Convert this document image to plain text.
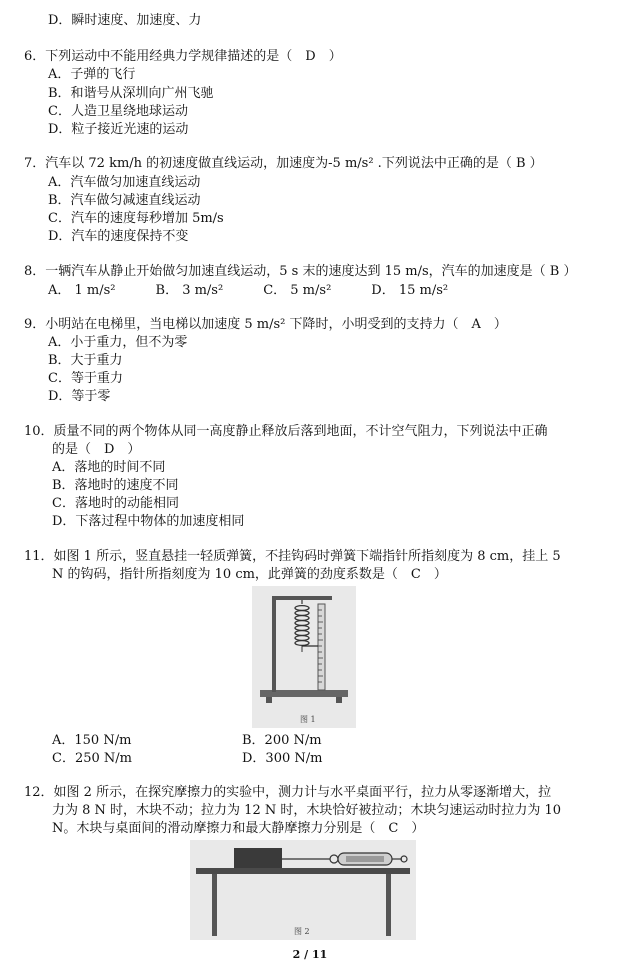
D．瞬时速度、加速度、力
6．下列运动中不能用经典力学规律描述的是（　D　）
A．子弹的飞行
B．和谐号从深圳向广州飞驰
C．人造卫星绕地球运动
D．粒子接近光速的运动
7．汽车以 72 km/h 的初速度做直线运动，加速度为-5 m/s² .下列说法中正确的是（ B ）
A．汽车做匀加速直线运动
B．汽车做匀减速直线运动
C．汽车的速度每秒增加 5m/s
D．汽车的速度保持不变
8．一辆汽车从静止开始做匀加速直线运动，5 s 末的速度达到 15 m/s，汽车的加速度是（ B ）
A． 1 m/s²	B． 3 m/s²	C． 5 m/s²	D． 15 m/s²
9．小明站在电梯里，当电梯以加速度 5 m/s² 下降时，小明受到的支持力（　A　）
A．小于重力，但不为零
B．大于重力
C．等于重力
D．等于零
10．质量不同的两个物体从同一高度静止释放后落到地面，不计空气阻力，下列说法中正确
的是（　D　）
A．落地的时间不同
B．落地时的速度不同
C．落地时的动能相同
D．下落过程中物体的加速度相同
11．如图 1 所示，竖直悬挂一轻质弹簧，不挂钩码时弹簧下端指针所指刻度为 8 cm，挂上 5
N 的钩码，指针所指刻度为 10 cm，此弹簧的劲度系数是（　C　）
图 1
A．150 N/m	B．200 N/m
C．250 N/m	D．300 N/m
12．如图 2 所示，在探究摩擦力的实验中，测力计与水平桌面平行，拉力从零逐渐增大，拉
力为 8 N 时，木块不动；拉力为 12 N 时，木块恰好被拉动；木块匀速运动时拉力为 10
N。木块与桌面间的滑动摩擦力和最大静摩擦力分别是（　C　）
图 2
2 / 11
